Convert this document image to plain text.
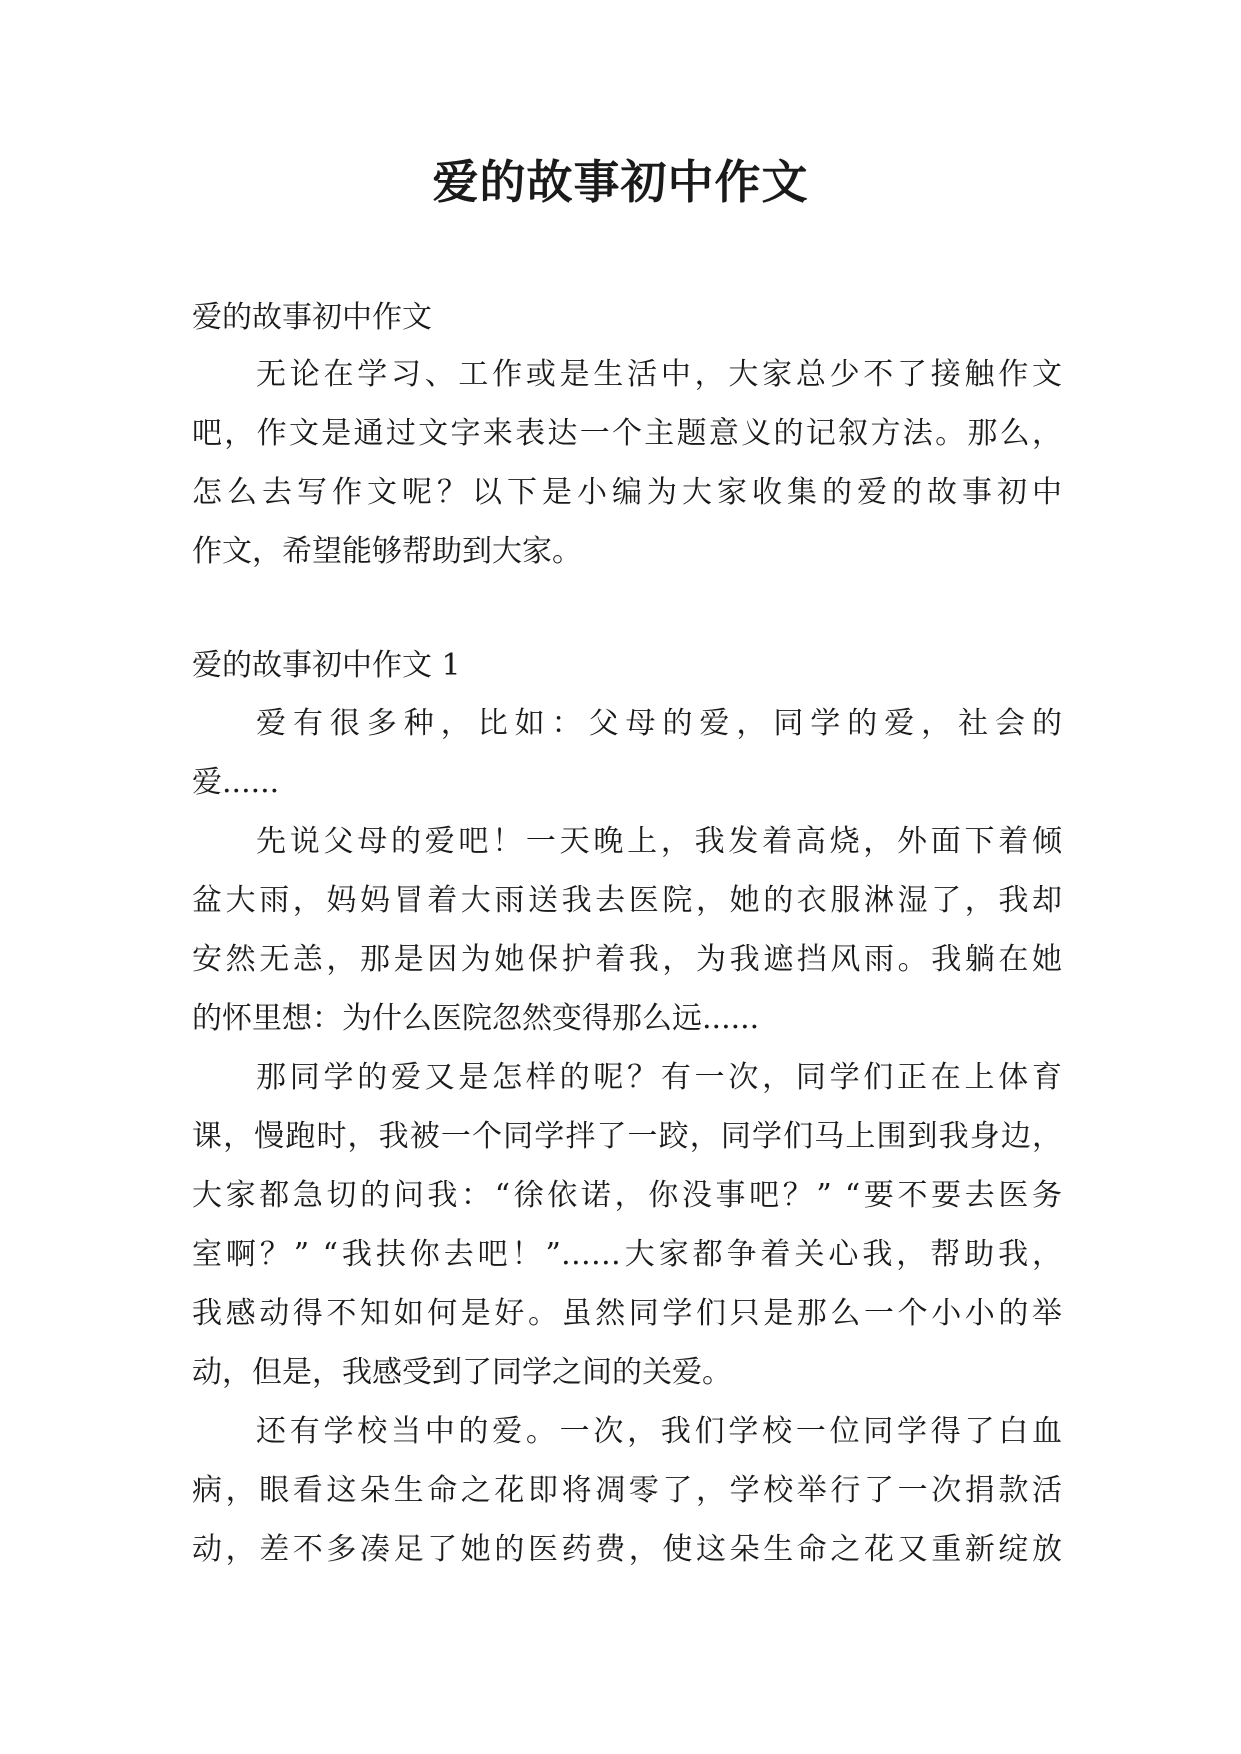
爱的故事初中作文

爱的故事初中作文

无论在学习、工作或是生活中，大家总少不了接触作文

吧，作文是通过文字来表达一个主题意义的记叙方法。那么，

怎么去写作文呢？以下是小编为大家收集的爱的故事初中

作文，希望能够帮助到大家。

爱的故事初中作文 1

爱有很多种，比如：父母的爱，同学的爱，社会的

爱......

先说父母的爱吧！一天晚上，我发着高烧，外面下着倾

盆大雨，妈妈冒着大雨送我去医院，她的衣服淋湿了，我却

安然无恙，那是因为她保护着我，为我遮挡风雨。我躺在她

的怀里想：为什么医院忽然变得那么远......

那同学的爱又是怎样的呢？有一次，同学们正在上体育

课，慢跑时，我被一个同学拌了一跤，同学们马上围到我身边，

大家都急切的问我：“徐依诺，你没事吧？” “要不要去医务

室啊？” “我扶你去吧！”……大家都争着关心我，帮助我，

我感动得不知如何是好。虽然同学们只是那么一个小小的举

动，但是，我感受到了同学之间的关爱。

还有学校当中的爱。一次，我们学校一位同学得了白血

病，眼看这朵生命之花即将凋零了，学校举行了一次捐款活

动，差不多凑足了她的医药费，使这朵生命之花又重新绽放
